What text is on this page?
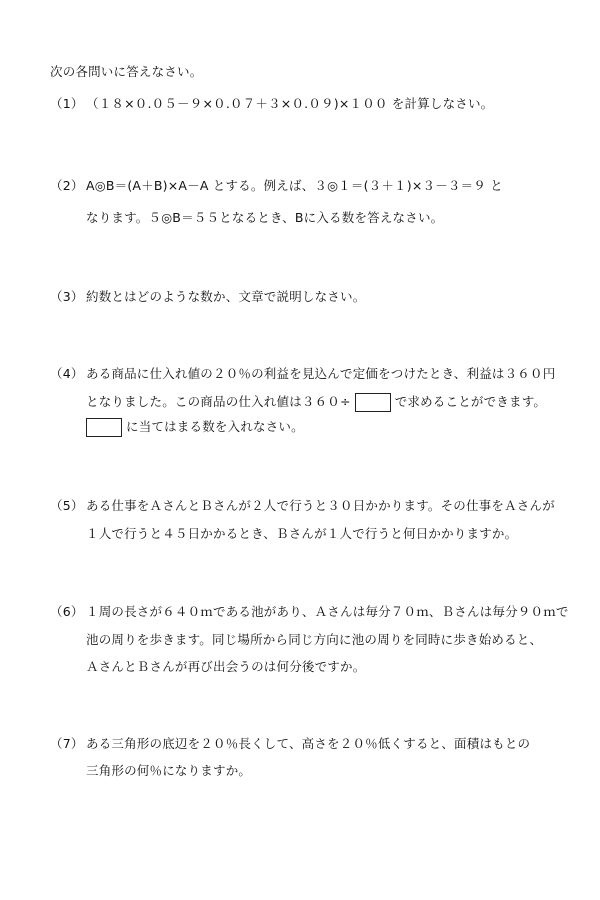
次の各問いに答えなさい。
（1） （１８×０.０５－９×０.０７＋３×０.０９)×１００ を計算しなさい。
（2） A◎B＝(A＋B)×A－A とする。例えば、３◎１＝(３＋１)×３－３＝９ と
なります。５◎B＝５５となるとき、Bに入る数を答えなさい。
（3） 約数とはどのような数か、文章で説明しなさい。
（4） ある商品に仕入れ値の２０％の利益を見込んで定価をつけたとき、利益は３６０円
となりました。この商品の仕入れ値は３６０÷	で求めることができます。
に当てはまる数を入れなさい。
（5） ある仕事をＡさんとＢさんが２人で行うと３０日かかります。その仕事をＡさんが
１人で行うと４５日かかるとき、Ｂさんが１人で行うと何日かかりますか。
（6） １周の長さが６４０ｍである池があり、Ａさんは毎分７０ｍ、Ｂさんは毎分９０ｍで
池の周りを歩きます。同じ場所から同じ方向に池の周りを同時に歩き始めると、
ＡさんとＢさんが再び出会うのは何分後ですか。
（7） ある三角形の底辺を２０％長くして、高さを２０％低くすると、面積はもとの
三角形の何％になりますか。
